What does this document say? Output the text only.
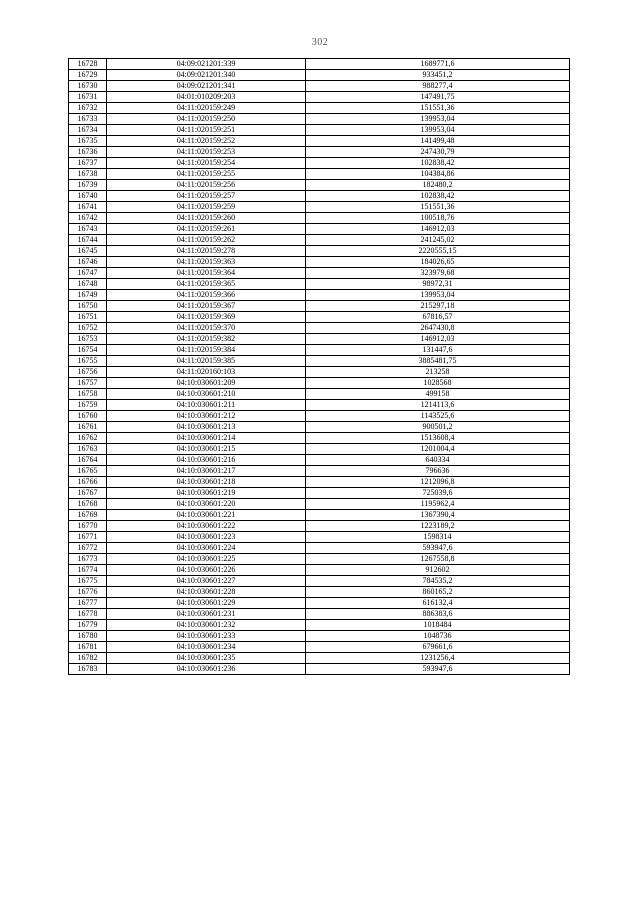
302
16728	04:09:021201:339	1689771,6
16729	04:09:021201:340	933451,2
16730	04:09:021201:341	988277,4
16731	04:01:010209:203	147491,75
16732	04:11:020159:249	151551,36
16733	04:11:020159:250	139953,04
16734	04:11:020159:251	139953,04
16735	04:11:020159:252	141499,48
16736	04:11:020159:253	247430,79
16737	04:11:020159:254	102838,42
16738	04:11:020159:255	104384,86
16739	04:11:020159:256	182480,2
16740	04:11:020159:257	102838,42
16741	04:11:020159:259	151551,36
16742	04:11:020159:260	100518,76
16743	04:11:020159:261	146912,03
16744	04:11:020159:262	241245,02
16745	04:11:020159:278	2220555,15
16746	04:11:020159:363	184026,65
16747	04:11:020159:364	323979,68
16748	04:11:020159:365	98972,31
16749	04:11:020159:366	139953,04
16750	04:11:020159:367	215297,18
16751	04:11:020159:369	67816,57
16752	04:11:020159:370	2647430,8
16753	04:11:020159:382	146912,03
16754	04:11:020159:384	131447,6
16755	04:11:020159:385	3885481,75
16756	04:11:020160:103	213258
16757	04:10:030601:209	1028568
16758	04:10:030601:210	499158
16759	04:10:030601:211	1214113,6
16760	04:10:030601:212	1143525,6
16761	04:10:030601:213	900501,2
16762	04:10:030601:214	1513608,4
16763	04:10:030601:215	1201004,4
16764	04:10:030601:216	640334
16765	04:10:030601:217	796636
16766	04:10:030601:218	1212096,8
16767	04:10:030601:219	725039,6
16768	04:10:030601:220	1195962,4
16769	04:10:030601:221	1367390,4
16770	04:10:030601:222	1223189,2
16771	04:10:030601:223	1598314
16772	04:10:030601:224	593947,6
16773	04:10:030601:225	1267558,8
16774	04:10:030601:226	912602
16775	04:10:030601:227	784535,2
16776	04:10:030601:228	860165,2
16777	04:10:030601:229	616132,4
16778	04:10:030601:231	886383,6
16779	04:10:030601:232	1018484
16780	04:10:030601:233	1048736
16781	04:10:030601:234	679661,6
16782	04:10:030601:235	1231256,4
16783	04:10:030601:236	593947,6
